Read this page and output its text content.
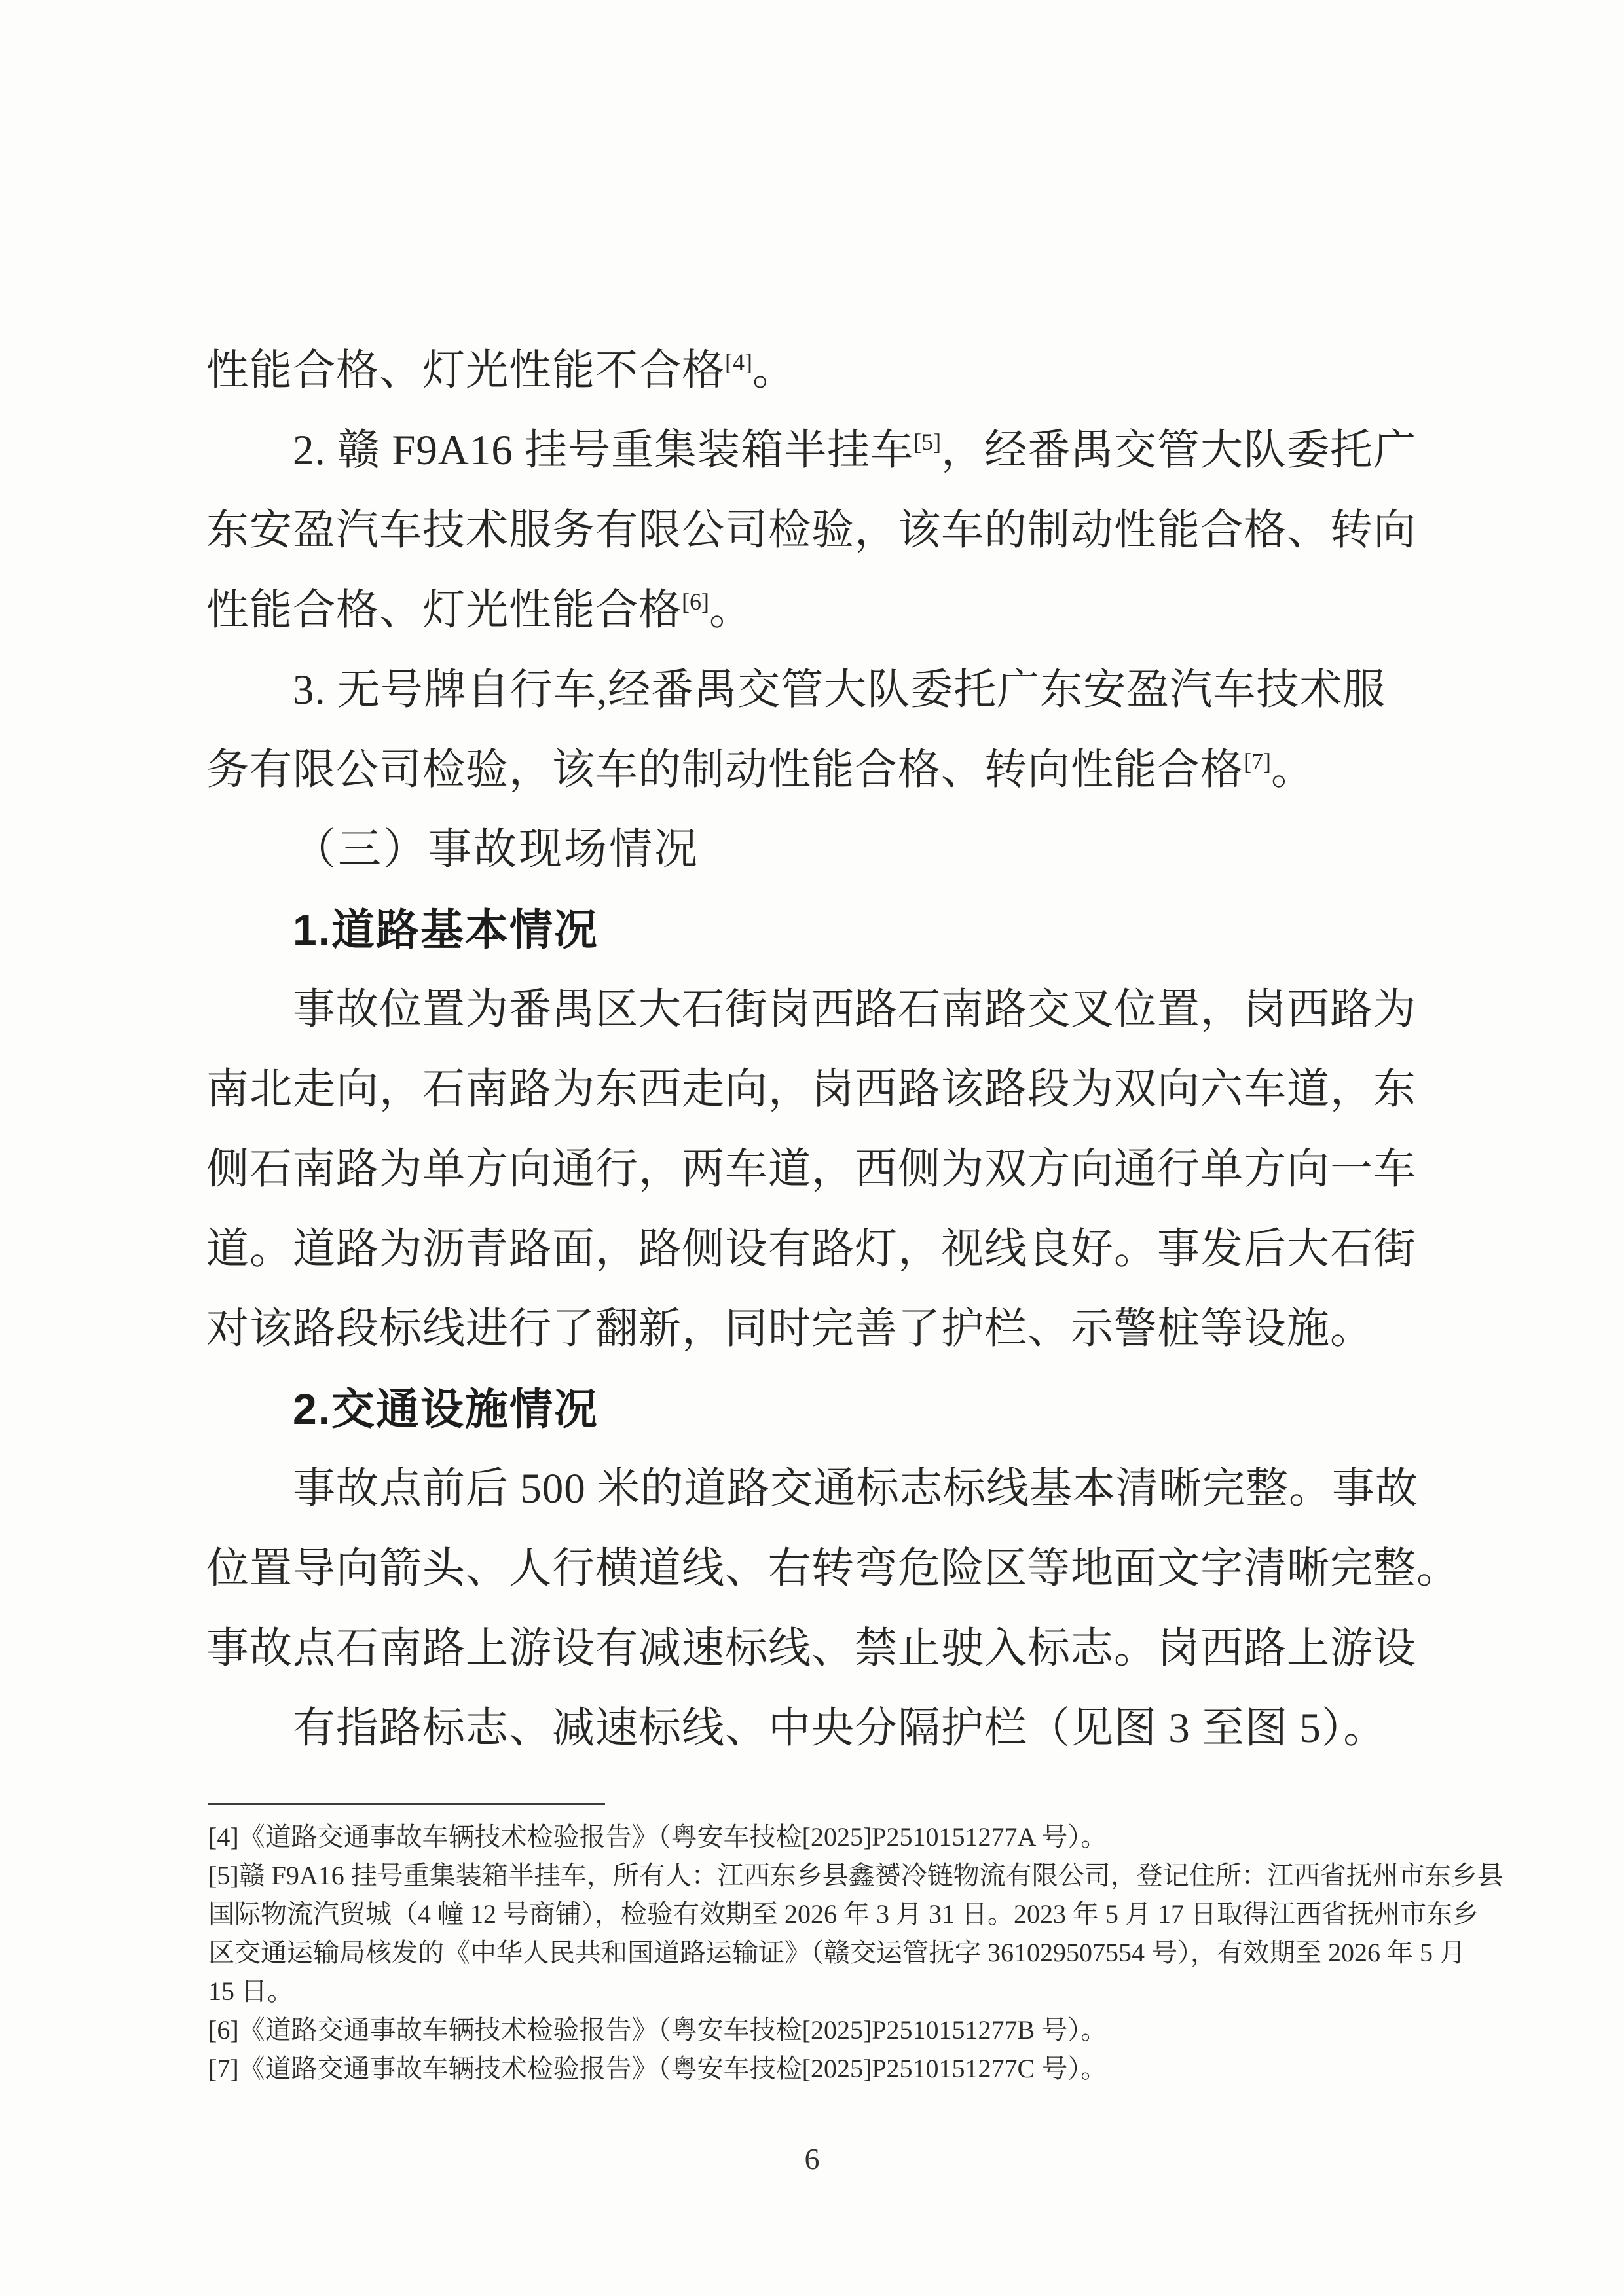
性能合格、灯光性能不合格[4]。
2. 赣 F9A16 挂号重集装箱半挂车[5]，经番禺交管大队委托广
东安盈汽车技术服务有限公司检验，该车的制动性能合格、转向
性能合格、灯光性能合格[6]。
3. 无号牌自行车,经番禺交管大队委托广东安盈汽车技术服
务有限公司检验，该车的制动性能合格、转向性能合格[7]。
（三）事故现场情况
1.道路基本情况
事故位置为番禺区大石街岗西路石南路交叉位置，岗西路为
南北走向，石南路为东西走向，岗西路该路段为双向六车道，东
侧石南路为单方向通行，两车道，西侧为双方向通行单方向一车
道。道路为沥青路面，路侧设有路灯，视线良好。事发后大石街
对该路段标线进行了翻新，同时完善了护栏、示警桩等设施。
2.交通设施情况
事故点前后 500 米的道路交通标志标线基本清晰完整。事故
位置导向箭头、人行横道线、右转弯危险区等地面文字清晰完整。
事故点石南路上游设有减速标线、禁止驶入标志。岗西路上游设
有指路标志、减速标线、中央分隔护栏（见图 3 至图 5）。
[4]《道路交通事故车辆技术检验报告》（粤安车技检[2025]P2510151277A 号）。
[5]赣 F9A16 挂号重集装箱半挂车，所有人：江西东乡县鑫赟冷链物流有限公司，登记住所：江西省抚州市东乡县
国际物流汽贸城（4 幢 12 号商铺），检验有效期至 2026 年 3 月 31 日。2023 年 5 月 17 日取得江西省抚州市东乡
区交通运输局核发的《中华人民共和国道路运输证》（赣交运管抚字 361029507554 号），有效期至 2026 年 5 月
15 日。
[6]《道路交通事故车辆技术检验报告》（粤安车技检[2025]P2510151277B 号）。
[7]《道路交通事故车辆技术检验报告》（粤安车技检[2025]P2510151277C 号）。
6
